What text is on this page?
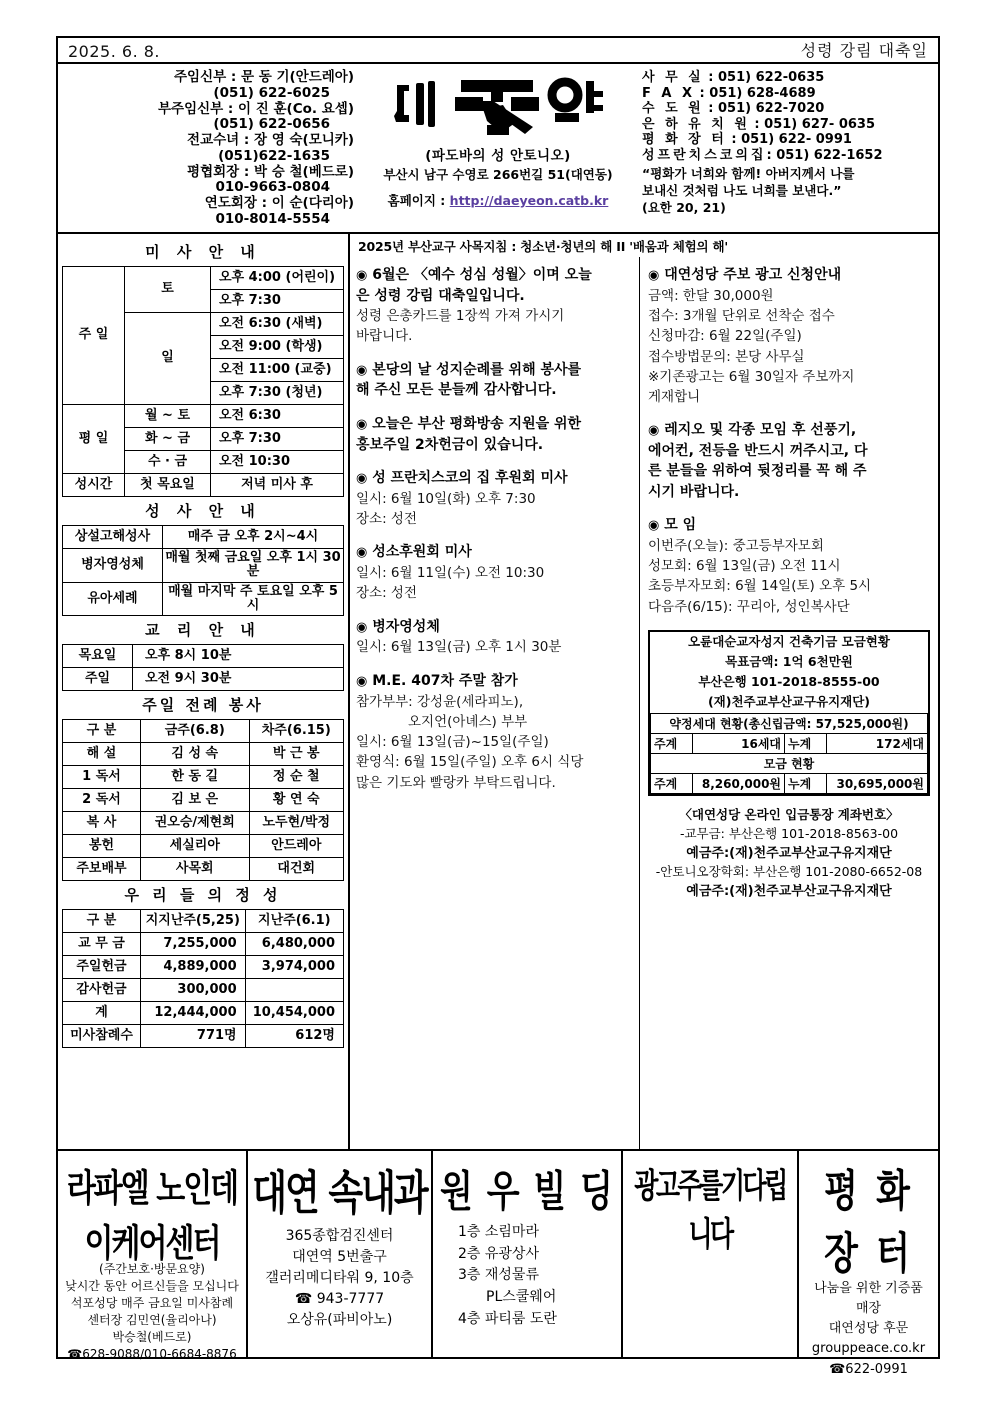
2025. 6. 8.	성령 강림 대축일
주임신부 : 문 동 기(안드레아)
(051) 622-6025
부주임신부 : 이 진 훈(Co. 요셉)
(051) 622-0656
전교수녀 : 장 영 숙(모니카)
(051)622-1635
평협회장 : 박 승 철(베드로)
010-9663-0804
연도회장 : 이 순(다리아)
010-8014-5554
(파도바의 성 안토니오)
부산시 남구 수영로 266번길 51(대연동)
홈페이지 : http://daeyeon.catb.kr
사 무 실 : 051) 622-0635
F A X : 051) 628-4689
수 도 원 : 051) 622-7020
은 하 유 치 원 : 051) 627- 0635
평 화 장 터 : 051) 622- 0991
성프란치스코의집: 051) 622-1652
“평화가 너희와 함께! 아버지께서 나를
보내신 것처럼 나도 너희를 보낸다.”
(요한 20, 21)
미 사 안 내
주 일	토	오후 4:00 (어린이)
		오후 7:30
	일	오전 6:30 (새벽)
		오전 9:00 (학생)
		오전 11:00 (교중)
		오후 7:30 (청년)
평 일	월 ~ 토	오전 6:30
	화 ~ 금	오후 7:30
	수 · 금	오전 10:30
성시간	첫 목요일	저녁 미사 후
성 사 안 내
상설고해성사	매주 금 오후 2시~4시
병자영성체	매월 첫째 금요일 오후 1시 30분
유아세례	매월 마지막 주 토요일 오후 5시
교 리 안 내
목요일	오후 8시 10분
주일	오전 9시 30분
주일 전례 봉사
구 분	금주(6.8)	차주(6.15)
해 설	김 성 속	박 근 봉
1 독서	한 동 길	정 순 철
2 독서	김 보 은	황 연 숙
복 사	권오승/제현희	노두현/박정
봉헌	세실리아	안드레아
주보배부	사목회	대건회
우 리 들 의 정 성
구 분	지지난주(5,25)	지난주(6.1)
교 무 금	7,255,000	6,480,000
주일헌금	4,889,000	3,974,000
감사헌금	300,000	
계	12,444,000	10,454,000
미사참례수	771명	612명
2025년 부산교구 사목지침 : 청소년·청년의 해 II '배움과 체험의 해'
◉ 6월은 〈예수 성심 성월〉이며 오늘
은 성령 강림 대축일입니다.
성령 은총카드를 1장씩 가져 가시기
바랍니다.
◉ 본당의 날 성지순례를 위해 봉사를
해 주신 모든 분들께 감사합니다.
◉ 오늘은 부산 평화방송 지원을 위한
홍보주일 2차헌금이 있습니다.
◉ 성 프란치스코의 집 후원회 미사
일시: 6월 10일(화) 오후 7:30
장소: 성전
◉ 성소후원회 미사
일시: 6월 11일(수) 오전 10:30
장소: 성전
◉ 병자영성체
일시: 6월 13일(금) 오후 1시 30분
◉ M.E. 407차 주말 참가
참가부부: 강성윤(세라피노),
오지언(아녜스) 부부
일시: 6월 13일(금)~15일(주일)
환영식: 6월 15일(주일) 오후 6시 식당
많은 기도와 빨랑카 부탁드립니다.
◉ 대연성당 주보 광고 신청안내
금액: 한달 30,000원
접수: 3개월 단위로 선착순 접수
신청마감: 6월 22일(주일)
접수방법문의: 본당 사무실
※기존광고는 6월 30일자 주보까지
게재합니
◉ 레지오 및 각종 모임 후 선풍기,
에어컨, 전등을 반드시 꺼주시고, 다
른 분들을 위하여 뒷정리를 꼭 해 주
시기 바랍니다.
◉ 모 임
이번주(오늘): 중고등부자모회
성모회: 6월 13일(금) 오전 11시
초등부자모회: 6월 14일(토) 오후 5시
다음주(6/15): 꾸리아, 성인복사단
오륜대순교자성지 건축기금 모금현황
목표금액: 1억 6천만원
부산은행 101-2018-8555-00
(재)천주교부산교구유지재단)
약정세대 현황(총신립금액: 57,525,000원)			
주계	16세대	누계	172세대
모금 현황			
주계	8,260,000원	누계	30,695,000원
〈대연성당 온라인 입금통장 계좌번호〉
-교무금: 부산은행 101-2018-8563-00
예금주:(재)천주교부산교구유지재단
-안토니오장학회: 부산은행 101-2080-6652-08
예금주:(재)천주교부산교구유지재단
라파엘 노인데이케어센터
(주간보호·방문요양)
낮시간 동안 어르신들을 모십니다
석포성당 매주 금요일 미사참례
센터장 김민연(율리아나)
박승철(베드로)
☎628-9088/010-6684-8876
대연 속내과
365종합검진센터
대연역 5번출구
갤러리메디타워 9, 10층
☎ 943-7777
오상유(파비아노)
원 우 빌 딩
1층 소림마라
2층 유광상사
3층 재성물류
PL스쿨웨어
4층 파티룸 도란
광고주를기다립니다
평 화 장 터
나눔을 위한 기증품
매장
대연성당 후문
grouppeace.co.kr
☎622-0991
